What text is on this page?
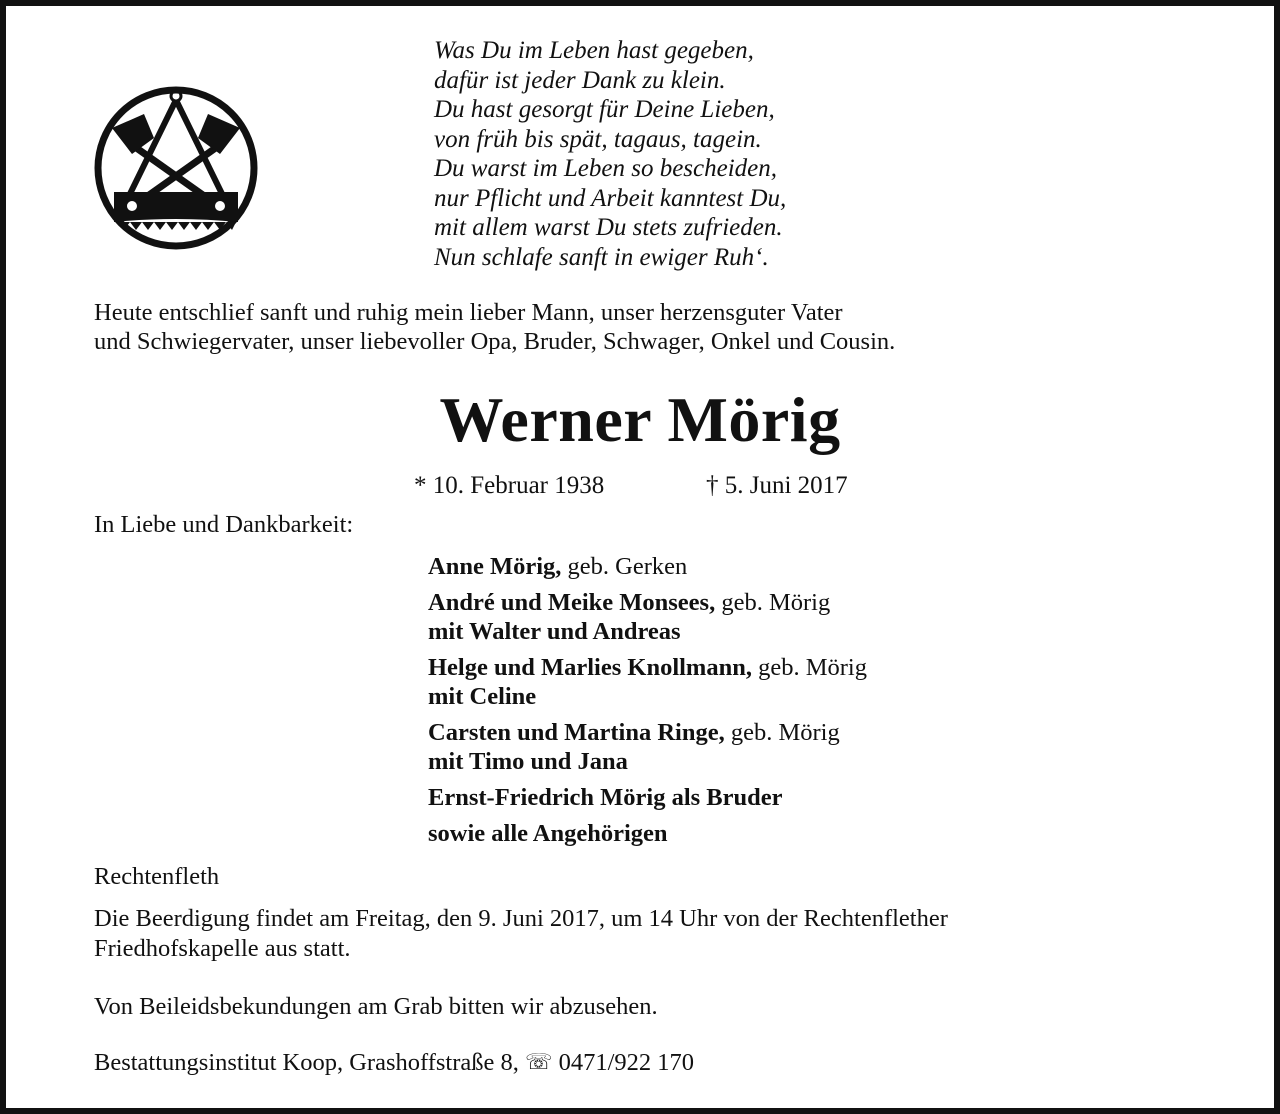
Was Du im Leben hast gegeben,
dafür ist jeder Dank zu klein.
Du hast gesorgt für Deine Lieben,
von früh bis spät, tagaus, tagein.
Du warst im Leben so bescheiden,
nur Pflicht und Arbeit kanntest Du,
mit allem warst Du stets zufrieden.
Nun schlafe sanft in ewiger Ruh‘.
Heute entschlief sanft und ruhig mein lieber Mann, unser herzensguter Vater
und Schwiegervater, unser liebevoller Opa, Bruder, Schwager, Onkel und Cousin.
Werner Mörig
* 10. Februar 1938	† 5. Juni 2017
In Liebe und Dankbarkeit:
Anne Mörig, geb. Gerken
André und Meike Monsees, geb. Mörig
mit Walter und Andreas
Helge und Marlies Knollmann, geb. Mörig
mit Celine
Carsten und Martina Ringe, geb. Mörig
mit Timo und Jana
Ernst-Friedrich Mörig als Bruder
sowie alle Angehörigen
Rechtenfleth
Die Beerdigung findet am Freitag, den 9. Juni 2017, um 14 Uhr von der Rechtenflether
Friedhofskapelle aus statt.
Von Beileidsbekundungen am Grab bitten wir abzusehen.
Bestattungsinstitut Koop, Grashoffstraße 8, ☏ 0471/922 170
